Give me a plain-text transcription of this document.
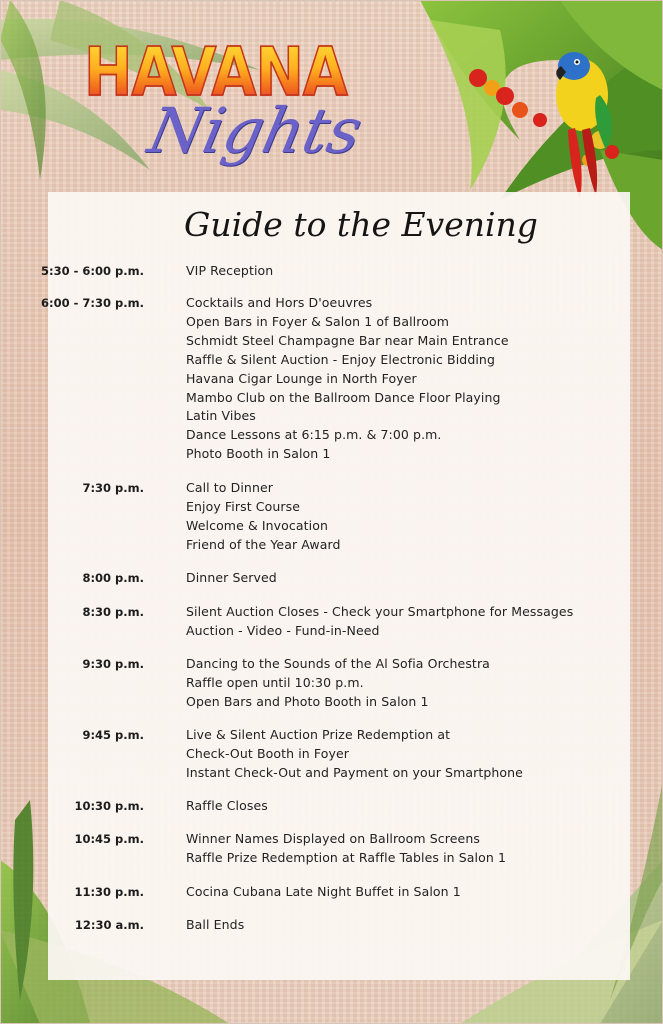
HAVANA
Nights
Guide to the Evening
5:30 - 6:00 p.m.	VIP Reception
6:00 - 7:30 p.m.	Cocktails and Hors D'oeuvres
Open Bars in Foyer & Salon 1 of Ballroom
Schmidt Steel Champagne Bar near Main Entrance
Raffle & Silent Auction - Enjoy Electronic Bidding
Havana Cigar Lounge in North Foyer
Mambo Club on the Ballroom Dance Floor Playing
Latin Vibes
Dance Lessons at 6:15 p.m. & 7:00 p.m.
Photo Booth in Salon 1
7:30 p.m.	Call to Dinner
Enjoy First Course
Welcome & Invocation
Friend of the Year Award
8:00 p.m.	Dinner Served
8:30 p.m.	Silent Auction Closes - Check your Smartphone for Messages
Auction - Video - Fund-in-Need
9:30 p.m.	Dancing to the Sounds of the Al Sofia Orchestra
Raffle open until 10:30 p.m.
Open Bars and Photo Booth in Salon 1
9:45 p.m.	Live & Silent Auction Prize Redemption at
Check-Out Booth in Foyer
Instant Check-Out and Payment on your Smartphone
10:30 p.m.	Raffle Closes
10:45 p.m.	Winner Names Displayed on Ballroom Screens
Raffle Prize Redemption at Raffle Tables in Salon 1
11:30 p.m.	Cocina Cubana Late Night Buffet in Salon 1
12:30 a.m.	Ball Ends
